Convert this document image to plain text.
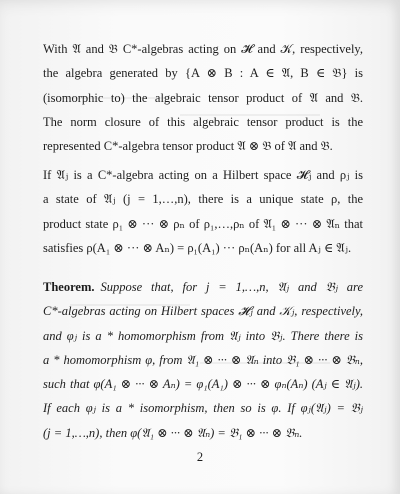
With 𝔄 and 𝔅 C*-algebras acting on 𝓗 and 𝒦, respectively,
the algebra generated by {A ⊗ B : A ∈ 𝔄, B ∈ 𝔅} is
(isomorphic to) the algebraic tensor product of 𝔄 and 𝔅.
The norm closure of this algebraic tensor product is the
represented C*-algebra tensor product 𝔄 ⊗ 𝔅 of 𝔄 and 𝔅.
If 𝔄ⱼ is a C*-algebra acting on a Hilbert space 𝓗ⱼ and ρⱼ is
a state of 𝔄ⱼ (j = 1,…,n), there is a unique state ρ, the
product state ρ₁ ⊗ ··· ⊗ ρₙ of ρ₁,…,ρₙ of 𝔄₁ ⊗ ··· ⊗ 𝔄ₙ that
satisfies ρ(A₁ ⊗ ··· ⊗ Aₙ) = ρ₁(A₁) ··· ρₙ(Aₙ) for all Aⱼ ∈ 𝔄ⱼ.
Theorem. Suppose that, for j = 1,…,n, 𝔄ⱼ and 𝔅ⱼ are
C*-algebras acting on Hilbert spaces 𝓗ⱼ and 𝒦ⱼ, respectively,
and φⱼ is a * homomorphism from 𝔄ⱼ into 𝔅ⱼ. There there is
a * homomorphism φ, from 𝔄₁ ⊗ ··· ⊗ 𝔄ₙ into 𝔅₁ ⊗ ··· ⊗ 𝔅ₙ,
such that φ(A₁ ⊗ ··· ⊗ Aₙ) = φ₁(A₁) ⊗ ··· ⊗ φₙ(Aₙ) (Aⱼ ∈ 𝔄ⱼ).
If each φⱼ is a * isomorphism, then so is φ. If φⱼ(𝔄ⱼ) = 𝔅ⱼ
(j = 1,…,n), then φ(𝔄₁ ⊗ ··· ⊗ 𝔄ₙ) = 𝔅₁ ⊗ ··· ⊗ 𝔅ₙ.
2
